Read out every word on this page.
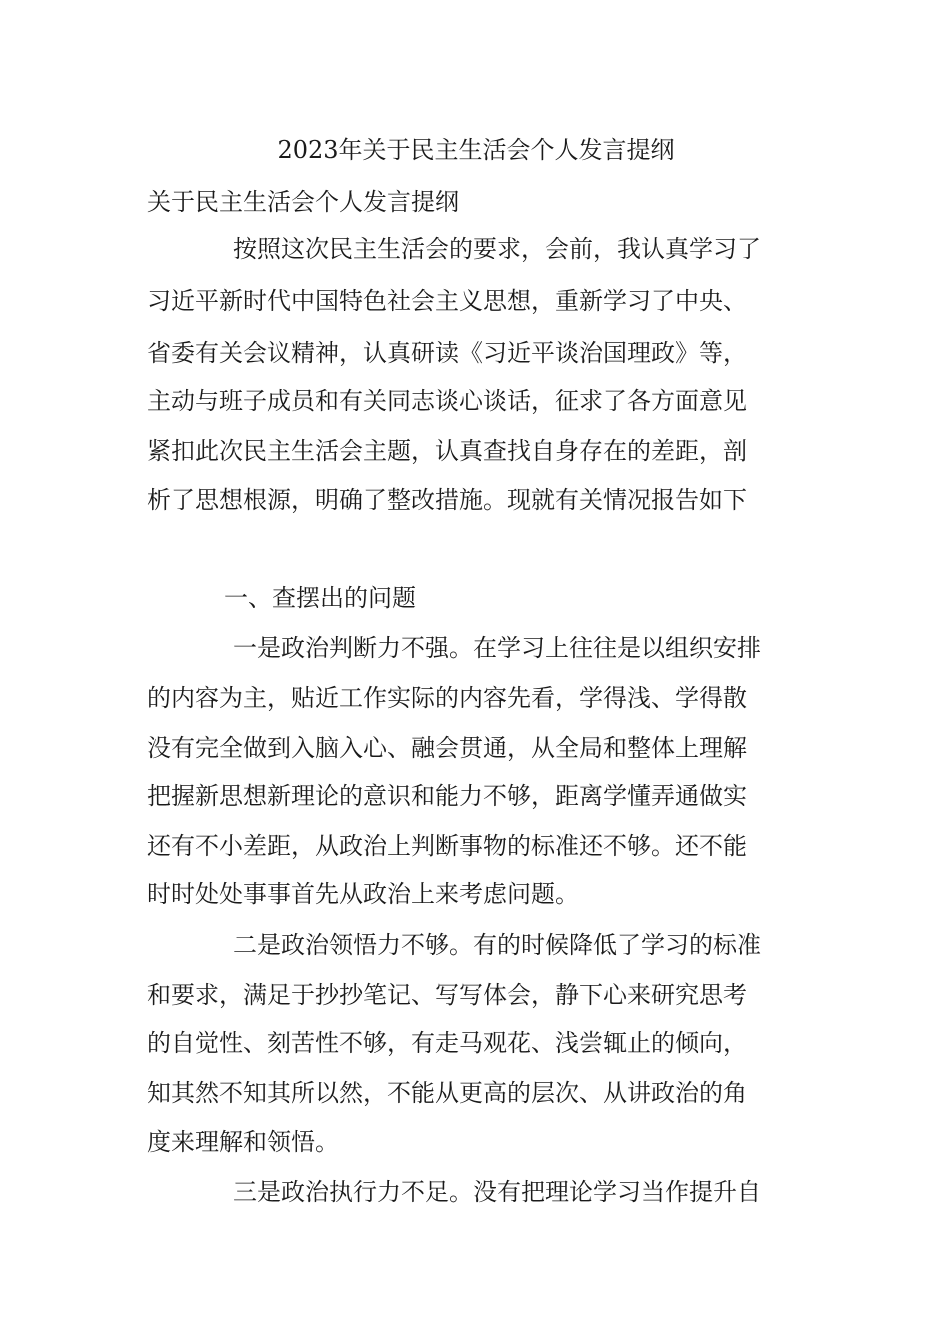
2023年关于民主生活会个人发言提纲
关于民主生活会个人发言提纲
按照这次民主生活会的要求，会前，我认真学习了
习近平新时代中国特色社会主义思想，重新学习了中央、
省委有关会议精神，认真研读《习近平谈治国理政》等，
主动与班子成员和有关同志谈心谈话，征求了各方面意见
紧扣此次民主生活会主题，认真查找自身存在的差距，剖
析了思想根源，明确了整改措施。现就有关情况报告如下
一、查摆出的问题
一是政治判断力不强。在学习上往往是以组织安排
的内容为主，贴近工作实际的内容先看，学得浅、学得散
没有完全做到入脑入心、融会贯通，从全局和整体上理解
把握新思想新理论的意识和能力不够，距离学懂弄通做实
还有不小差距，从政治上判断事物的标准还不够。还不能
时时处处事事首先从政治上来考虑问题。
二是政治领悟力不够。有的时候降低了学习的标准
和要求，满足于抄抄笔记、写写体会，静下心来研究思考
的自觉性、刻苦性不够，有走马观花、浅尝辄止的倾向，
知其然不知其所以然，不能从更高的层次、从讲政治的角
度来理解和领悟。
三是政治执行力不足。没有把理论学习当作提升自
